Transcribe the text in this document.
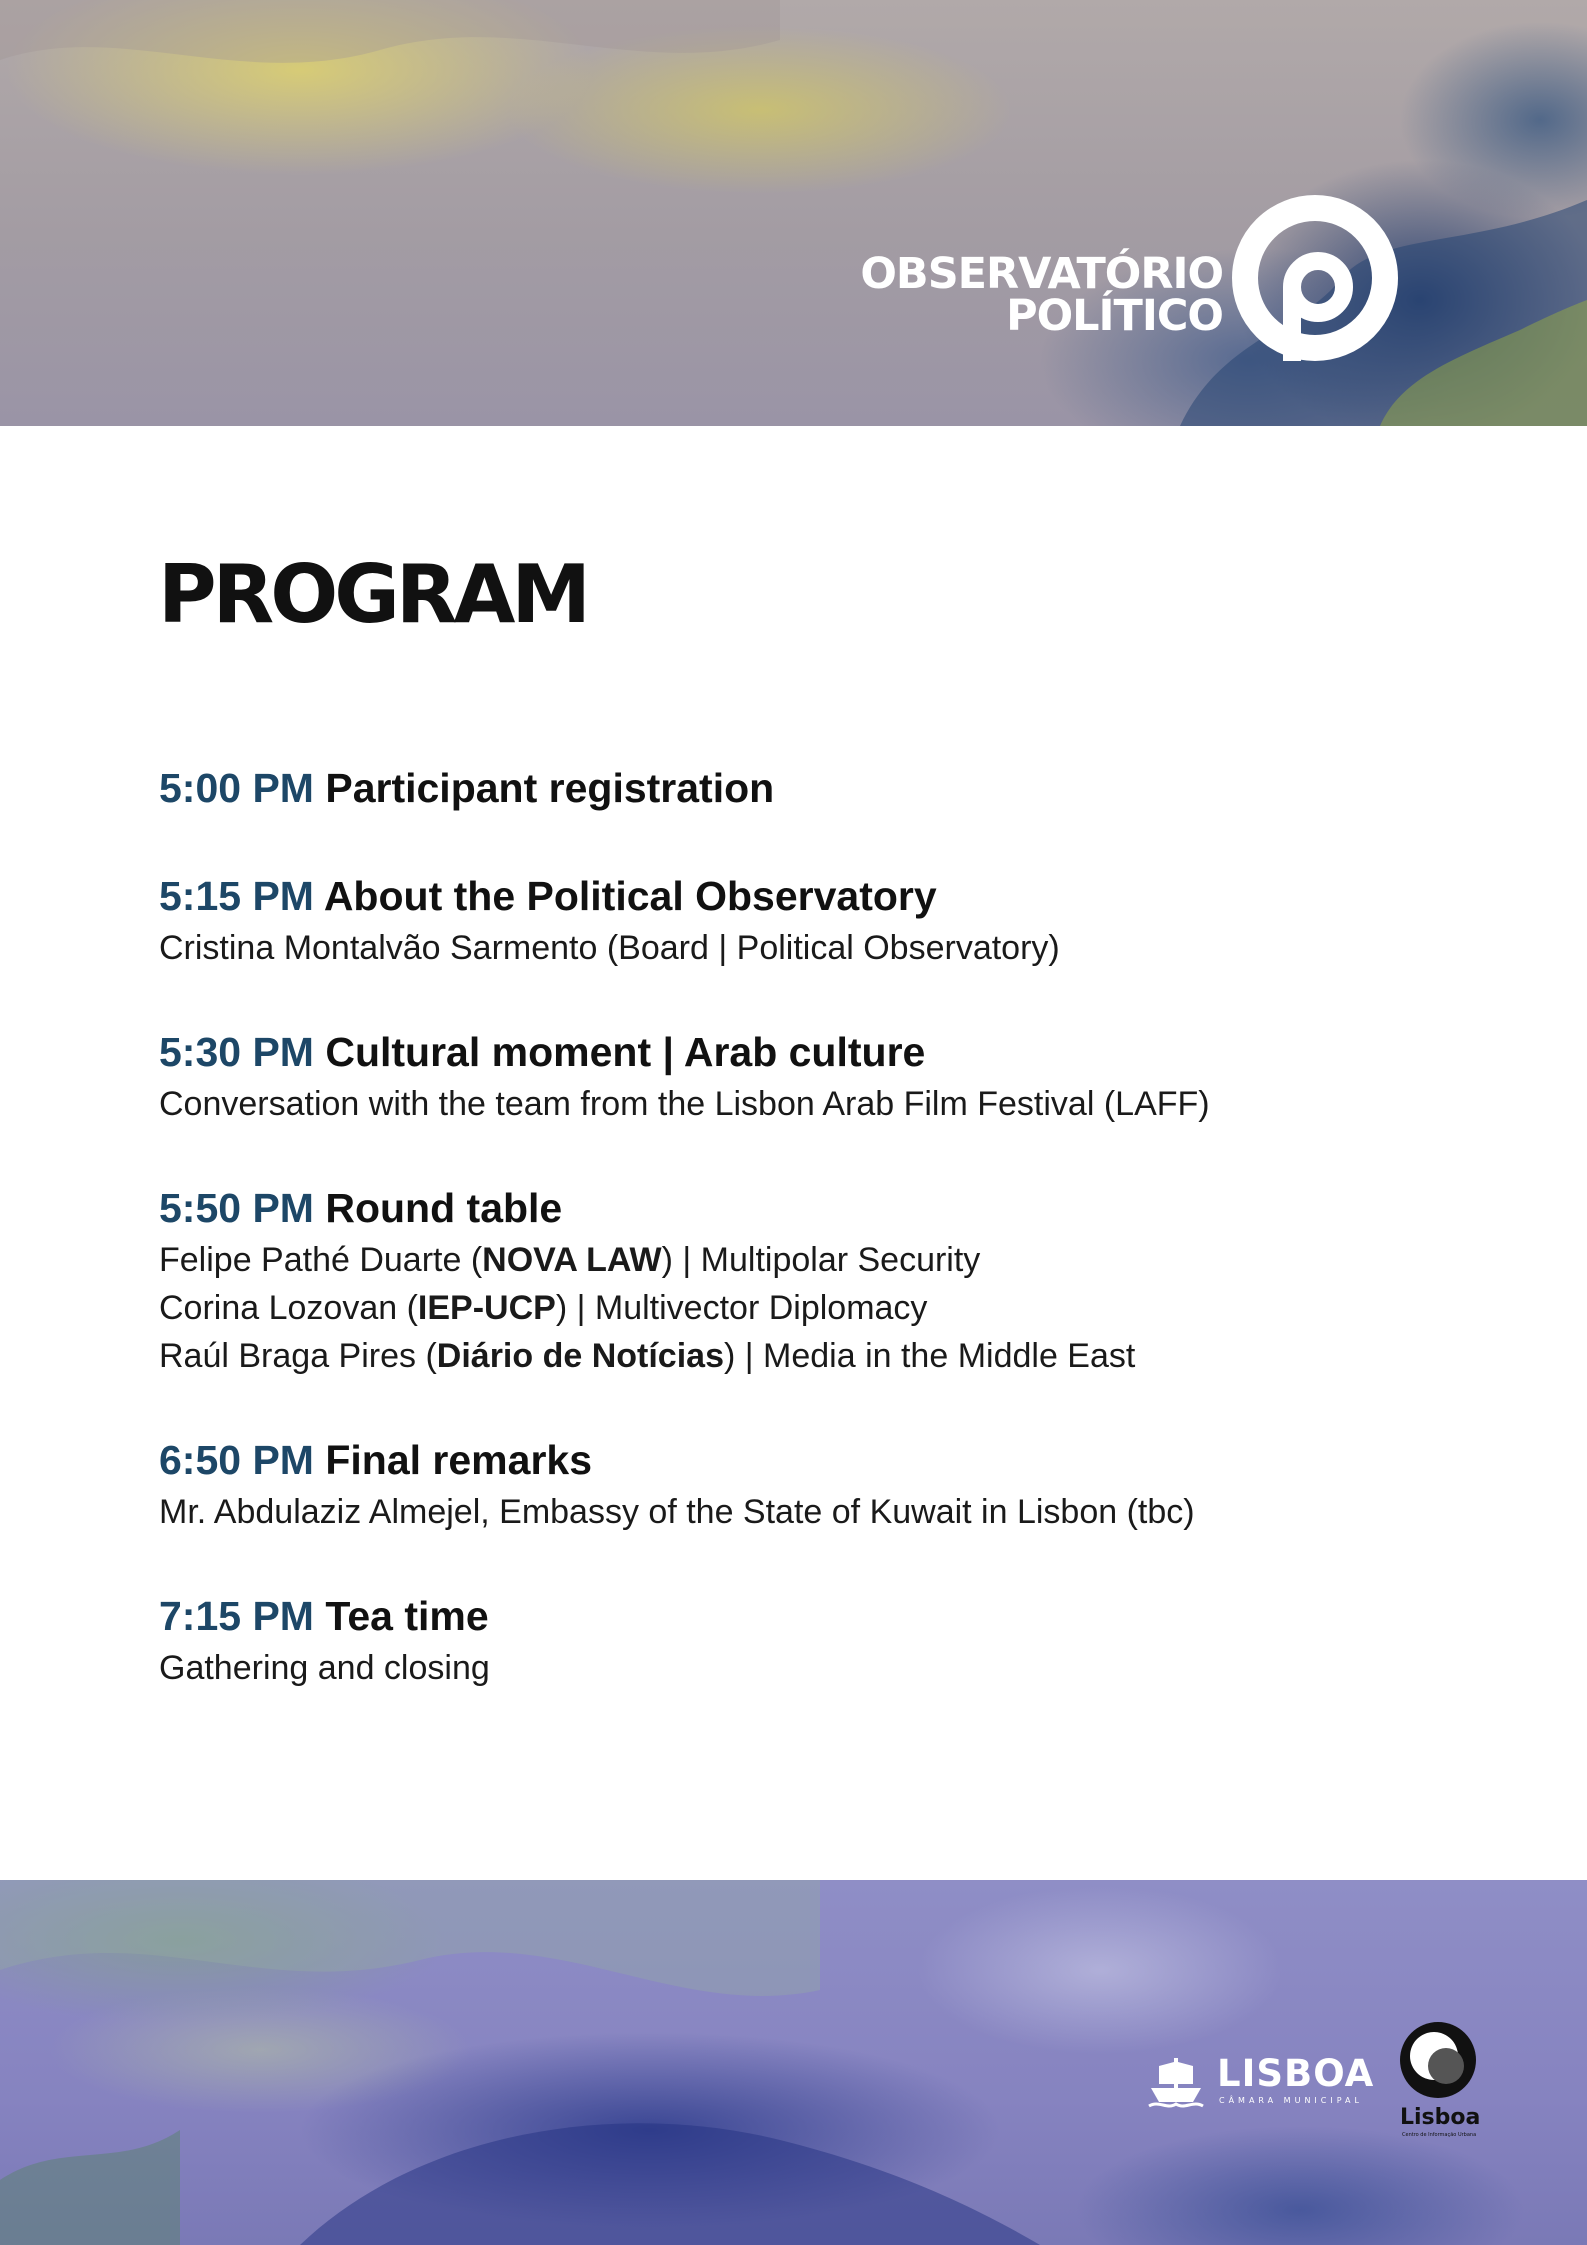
OBSERVATÓRIO
POLÍTICO
PROGRAM
5:00 PM Participant registration
5:15 PM About the Political Observatory
Cristina Montalvão Sarmento (Board | Political Observatory)
5:30 PM Cultural moment | Arab culture
Conversation with the team from the Lisbon Arab Film Festival (LAFF)
5:50 PM Round table
Felipe Pathé Duarte (NOVA LAW) | Multipolar Security
Corina Lozovan (IEP-UCP) | Multivector Diplomacy
Raúl Braga Pires (Diário de Notícias) | Media in the Middle East
6:50 PM Final remarks
Mr. Abdulaziz Almejel, Embassy of the State of Kuwait in Lisbon (tbc)
7:15 PM Tea time
Gathering and closing
LISBOA
CÂMARA MUNICIPAL
Lisboa
Centro de Informação Urbana
